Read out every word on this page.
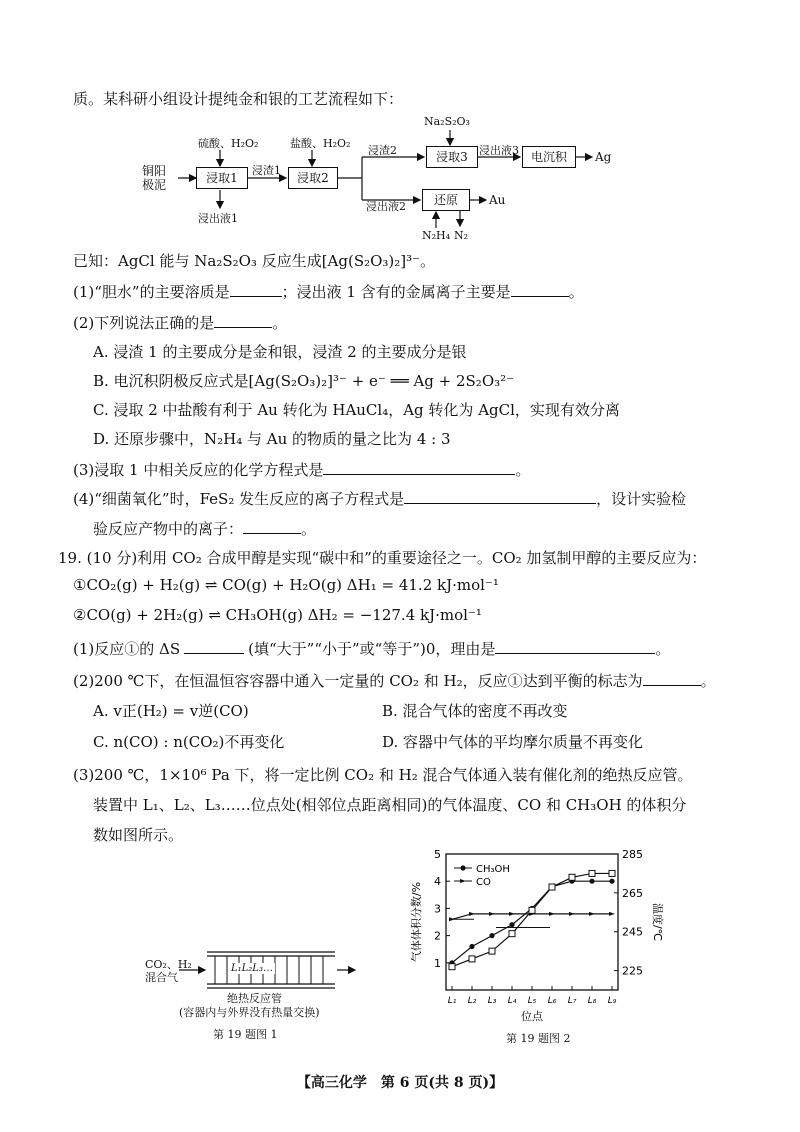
质。某科研小组设计提纯金和银的工艺流程如下：
铜阳
极泥
硫酸、H₂O₂	盐酸、H₂O₂
Na₂S₂O₃
浸取1	浸取2
浸取3	电沉积
还原
浸渣1
浸渣2
浸出液1
浸出液2
浸出液3	Ag
Au
N₂H₄ N₂
已知：AgCl 能与 Na₂S₂O₃ 反应生成[Ag(S₂O₃)₂]³⁻。
(1)“胆水”的主要溶质是	；浸出液 1 含有的金属离子主要是	。
(2)下列说法正确的是	。
A. 浸渣 1 的主要成分是金和银，浸渣 2 的主要成分是银
B. 电沉积阴极反应式是[Ag(S₂O₃)₂]³⁻ + e⁻ ══ Ag + 2S₂O₃²⁻
C. 浸取 2 中盐酸有利于 Au 转化为 HAuCl₄，Ag 转化为 AgCl，实现有效分离
D. 还原步骤中，N₂H₄ 与 Au 的物质的量之比为 4 : 3
(3)浸取 1 中相关反应的化学方程式是	。
(4)“细菌氧化”时，FeS₂ 发生反应的离子方程式是	，设计实验检
验反应产物中的离子：	。
19. (10 分)利用 CO₂ 合成甲醇是实现“碳中和”的重要途径之一。CO₂ 加氢制甲醇的主要反应为：
①CO₂(g) + H₂(g) ⇌ CO(g) + H₂O(g) ΔH₁ = 41.2 kJ·mol⁻¹
②CO(g) + 2H₂(g) ⇌ CH₃OH(g) ΔH₂ = −127.4 kJ·mol⁻¹
(1)反应①的 ΔS	(填“大于”“小于”或“等于”)0，理由是	。
(2)200 ℃下，在恒温恒容容器中通入一定量的 CO₂ 和 H₂，反应①达到平衡的标志为	。
A. v正(H₂) = v逆(CO)	B. 混合气体的密度不再改变
C. n(CO) : n(CO₂)不再变化	D. 容器中气体的平均摩尔质量不再变化
(3)200 ℃，1×10⁶ Pa 下，将一定比例 CO₂ 和 H₂ 混合气体通入装有催化剂的绝热反应管。
装置中 L₁、L₂、L₃……位点处(相邻位点距离相同)的气体温度、CO 和 CH₃OH 的体积分
数如图所示。
CO₂、H₂
混合气
L₁L₂L₃…
绝热反应管
(容器内与外界没有热量交换)
第 19 题图 1
1
2
3
4
5
225
245
265
285
L₁ L₂ L₃ L₄ L₅ L₆ L₇ L₈ L₉
位点
气体体积分数/%	温度/℃
CH₃OH
CO
第 19 题图 2
【高三化学　第 6 页(共 8 页)】
